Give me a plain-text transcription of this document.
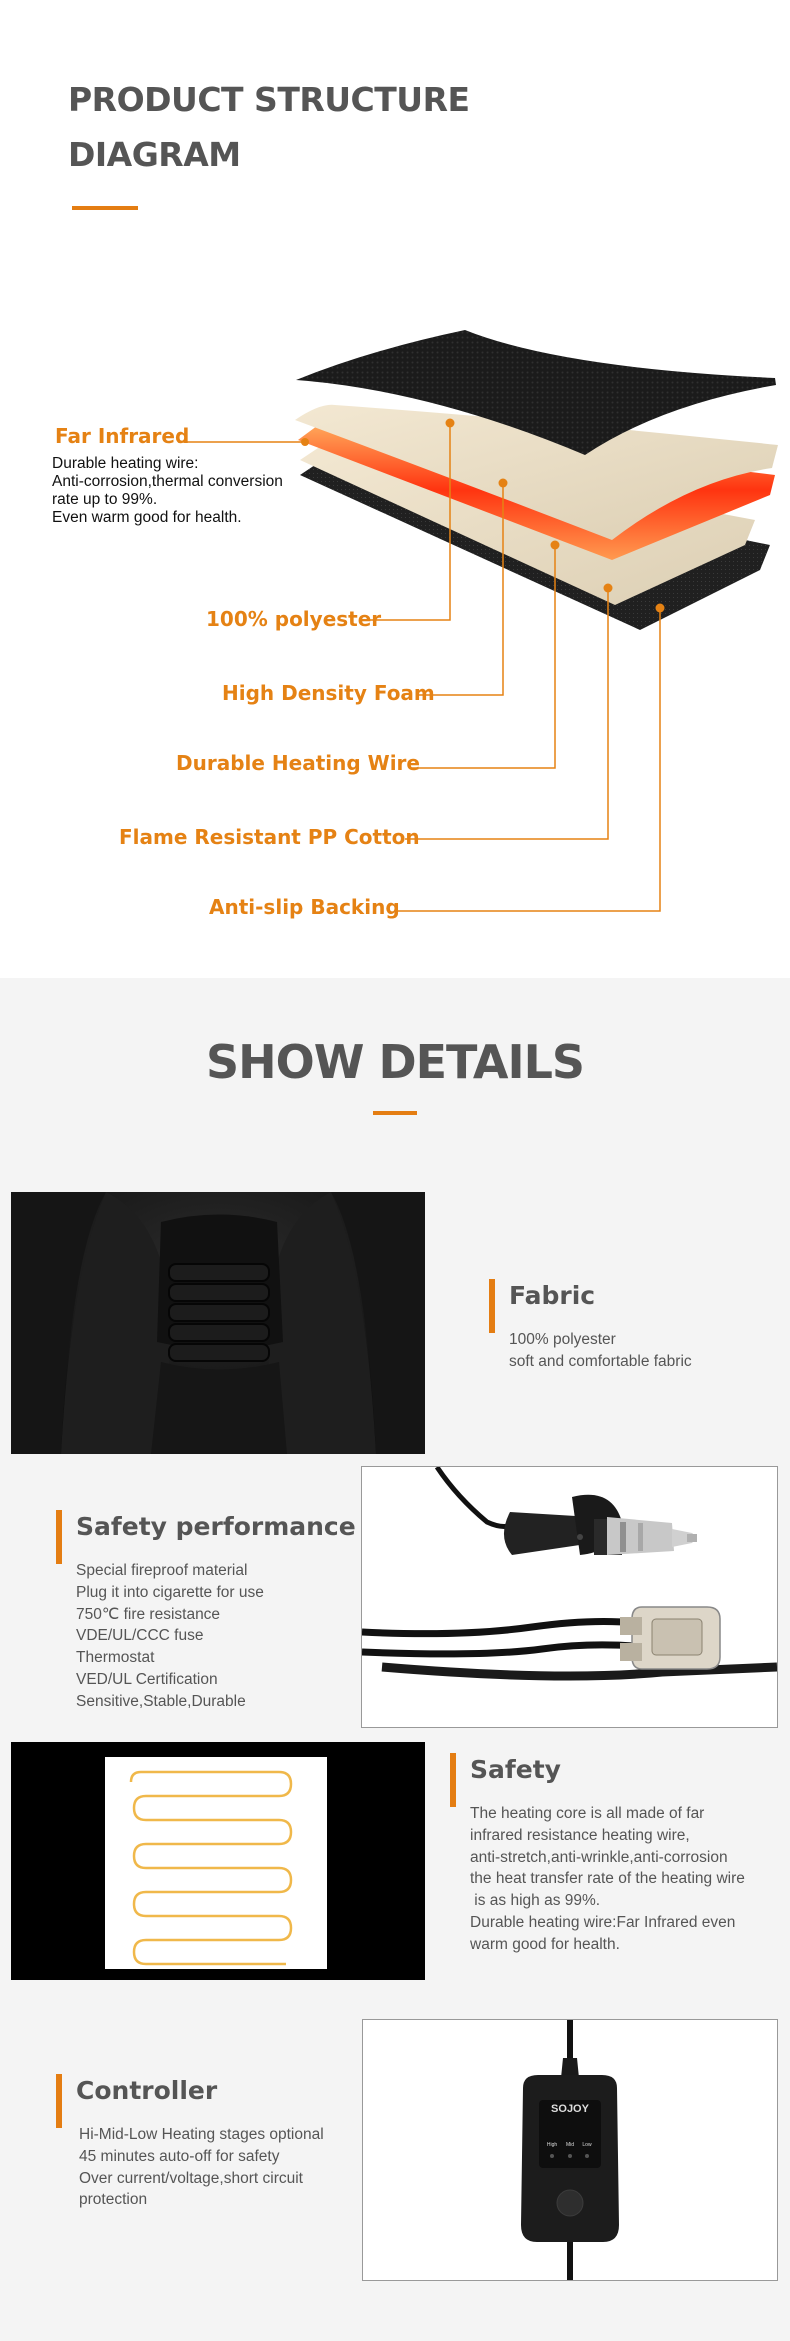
PRODUCT STRUCTURE
DIAGRAM
Far Infrared
Durable heating wire:
Anti-corrosion,thermal conversion
rate up to 99%.
Even warm good for health.
100% polyester
High Density Foam
Durable Heating Wire
Flame Resistant PP Cotton
Anti-slip Backing
SHOW DETAILS
Fabric
100% polyester
soft and comfortable fabric
Safety performance
Special fireproof material
Plug it into cigarette for use
750℃ fire resistance
VDE/UL/CCC fuse
Thermostat
VED/UL Certification
Sensitive,Stable,Durable
Safety
The heating core is all made of far
infrared resistance heating wire,
anti-stretch,anti-wrinkle,anti-corrosion
the heat transfer rate of the heating wire
is as high as 99%.
Durable heating wire:Far Infrared even
warm good for health.
Controller
Hi-Mid-Low Heating stages optional
45 minutes auto-off for safety
Over current/voltage,short circuit
protection
SOJOY
High Mid Low
